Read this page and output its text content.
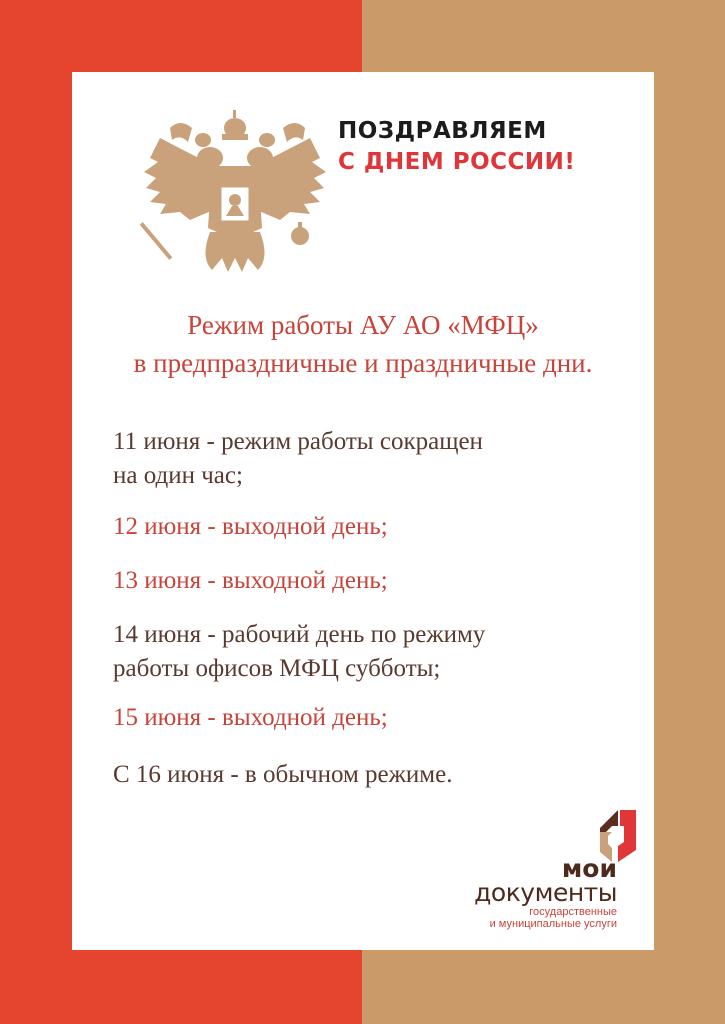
ПОЗДРАВЛЯЕМ
С ДНЕМ РОССИИ!
Режим работы АУ АО «МФЦ»
в предпраздничные и праздничные дни.
11 июня - режим работы сокращен
на один час;
12 июня - выходной день;
13 июня - выходной день;
14 июня - рабочий день по режиму
работы офисов МФЦ субботы;
15 июня - выходной день;
С 16 июня - в обычном режиме.
мои
документы
государственные
и муниципальные услуги
